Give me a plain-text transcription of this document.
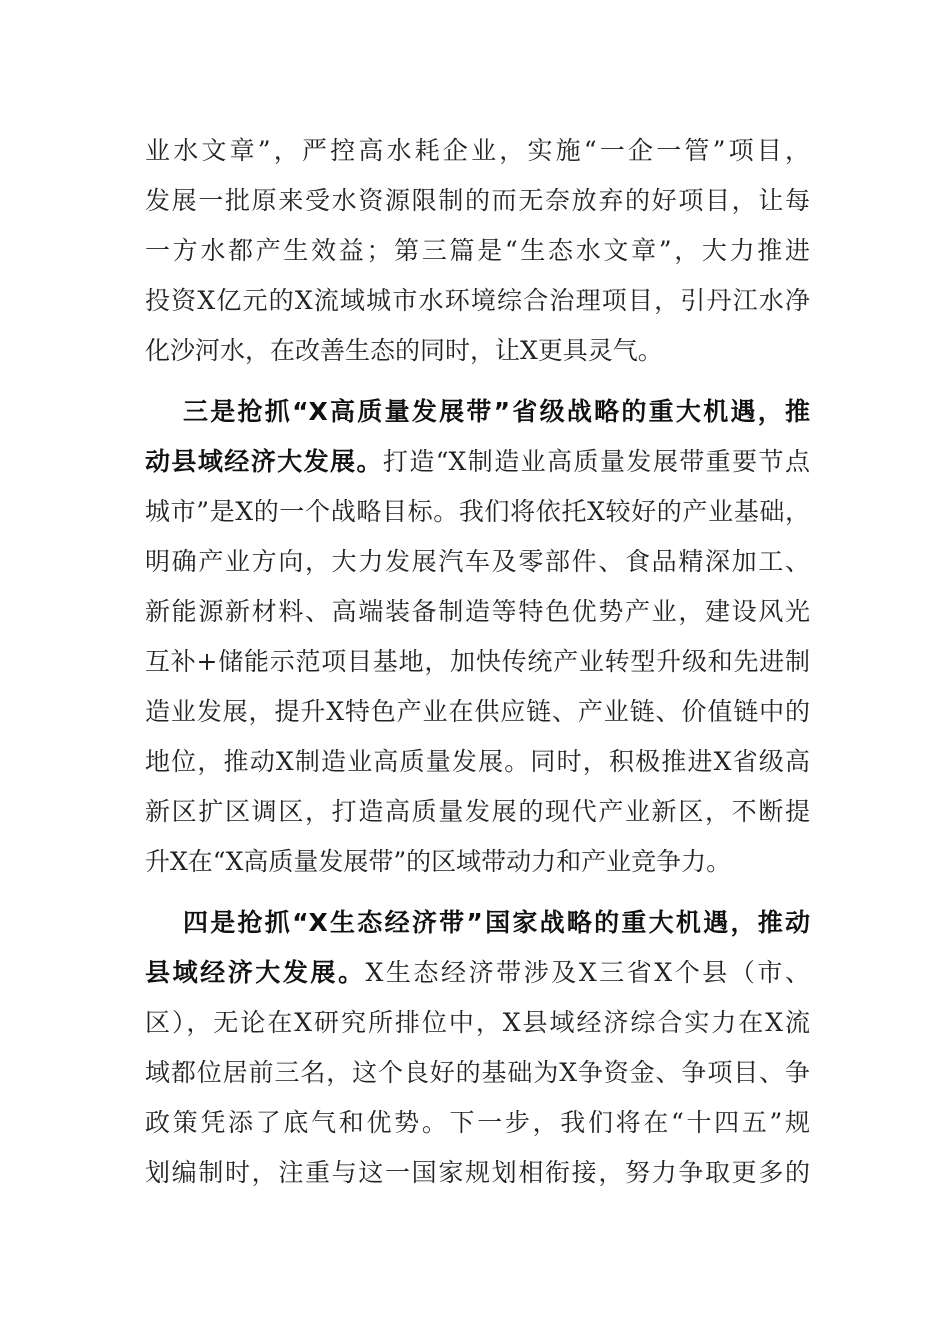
业水文章”，严控高水耗企业，实施“一企一管”项目，
发展一批原来受水资源限制的而无奈放弃的好项目，让每
一方水都产生效益；第三篇是“生态水文章”，大力推进
投资X亿元的X流域城市水环境综合治理项目，引丹江水净
化沙河水，在改善生态的同时，让X更具灵气。
三是抢抓“X高质量发展带”省级战略的重大机遇，推
动县域经济大发展。打造“X制造业高质量发展带重要节点
城市”是X的一个战略目标。我们将依托X较好的产业基础，
明确产业方向，大力发展汽车及零部件、食品精深加工、
新能源新材料、高端装备制造等特色优势产业，建设风光
互补+储能示范项目基地，加快传统产业转型升级和先进制
造业发展，提升X特色产业在供应链、产业链、价值链中的
地位，推动X制造业高质量发展。同时，积极推进X省级高
新区扩区调区，打造高质量发展的现代产业新区，不断提
升X在“X高质量发展带”的区域带动力和产业竞争力。
四是抢抓“X生态经济带”国家战略的重大机遇，推动
县域经济大发展。X生态经济带涉及X三省X个县（市、
区），无论在X研究所排位中，X县域经济综合实力在X流
域都位居前三名，这个良好的基础为X争资金、争项目、争
政策凭添了底气和优势。下一步，我们将在“十四五”规
划编制时，注重与这一国家规划相衔接，努力争取更多的
